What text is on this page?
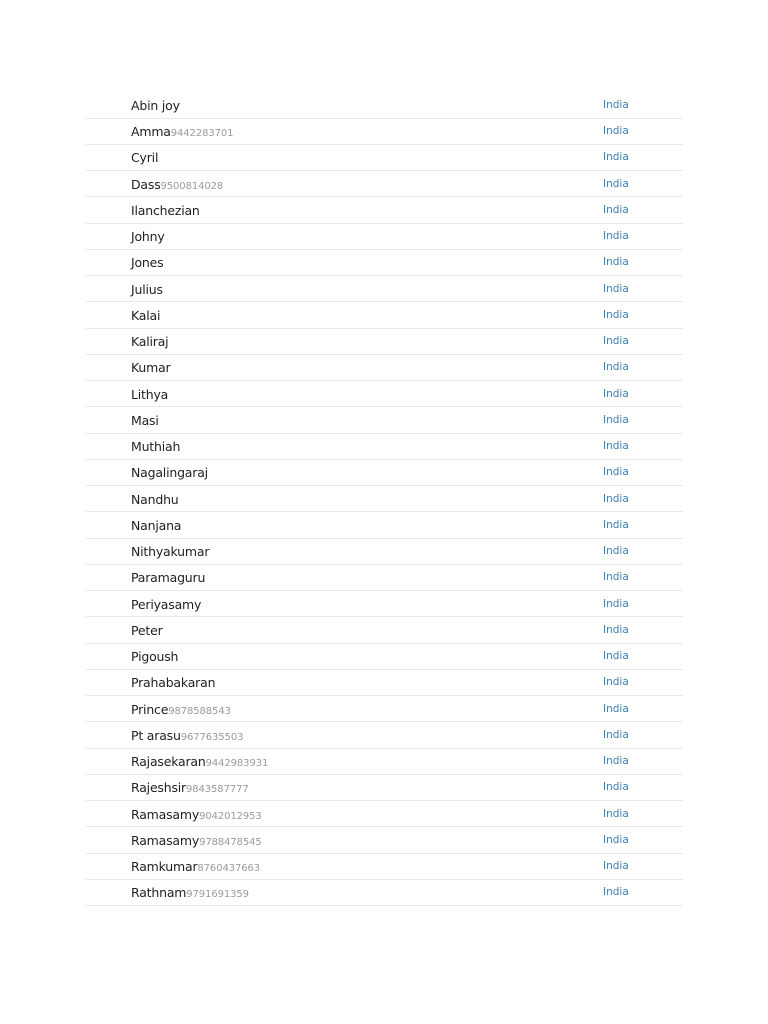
Abin joy	India
Amma9442283701	India
Cyril	India
Dass9500814028	India
Ilanchezian	India
Johny	India
Jones	India
Julius	India
Kalai	India
Kaliraj	India
Kumar	India
Lithya	India
Masi	India
Muthiah	India
Nagalingaraj	India
Nandhu	India
Nanjana	India
Nithyakumar	India
Paramaguru	India
Periyasamy	India
Peter	India
Pigoush	India
Prahabakaran	India
Prince9878588543	India
Pt arasu9677635503	India
Rajasekaran9442983931	India
Rajeshsir9843587777	India
Ramasamy9042012953	India
Ramasamy9788478545	India
Ramkumar8760437663	India
Rathnam9791691359	India
